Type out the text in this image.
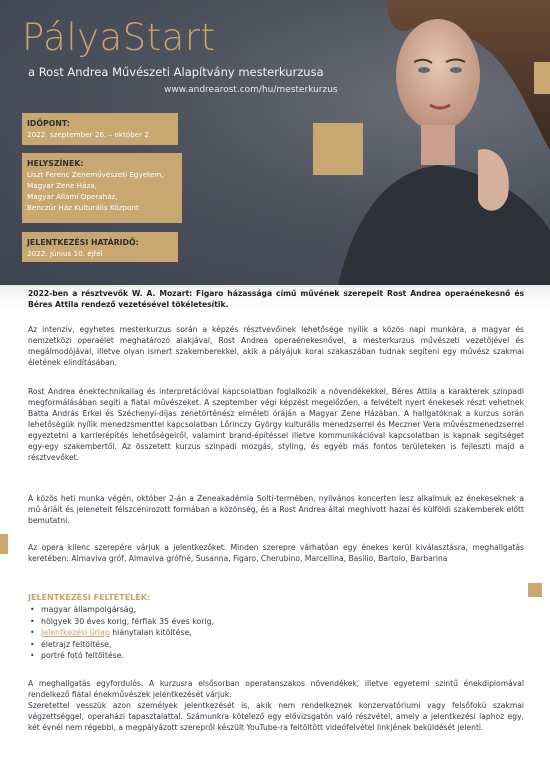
PályaStart
a Rost Andrea Művészeti Alapítvány mesterkurzusa
www.andrearost.com/hu/mesterkurzus
IDŐPONT:
2022. szeptember 26. – október 2.
HELYSZÍNEK:
Liszt Ferenc Zeneművészeti Egyetem,
Magyar Zene Háza,
Magyar Állami Operaház,
Benczúr Ház Kulturális Központ
JELENTKEZÉSI HATÁRIDŐ:
2022. június 10. éjfél
2022-ben a résztvevők W. A. Mozart: Figaro házassága című művének szerepeit Rost Andrea operaénekesnő és Béres Attila rendező vezetésével tökéletesítik.
Az intenzív, egyhetes mesterkurzus során a képzés résztvevőinek lehetősége nyílik a közös napi munkára, a magyar és nemzetközi operaélet meghatározó alakjával, Rost Andrea operaénekesnővel, a mesterkurzus művészeti vezetőjével és megálmodójával, illetve olyan ismert szakemberekkel, akik a pályájuk korai szakaszában tudnak segíteni egy művész szakmai életének elindításában.
Rost Andrea énektechnikailag és interpretációval kapcsolatban foglalkozik a növendékekkel, Béres Attila a karakterek színpadi megformálásában segíti a fiatal művészeket. A szeptember végi képzést megelőzően, a felvételt nyert énekesek részt vehetnek Batta András Erkel és Széchenyi-díjas zenetörténész elméleti óráján a Magyar Zene Házában. A hallgatóknak a kurzus során lehetőségük nyílik menedzsmenttel kapcsolatban Lőrinczy György kulturális menedzserrel és Meczner Vera művészmenedzserrel egyeztetni a karrierépítés lehetőségeiről, valamint brand-építéssel illetve kommunikációval kapcsolatban is kapnak segítséget egy-egy szakembertől. Az összetett kurzus színpadi mozgás, styling, és egyéb más fontos területeken is fejleszti majd a résztvevőket.
A közös heti munka végén, október 2-án a Zeneakadémia Solti-termében, nyilvános koncerten lesz alkalmuk az énekeseknek a mű áriáit és jeleneteit félszcenirozott formában a közönség, és a Rost Andrea által meghívott hazai és külföldi szakemberek előtt bemutatni.
Az opera kilenc szerepére várjuk a jelentkezőket. Minden szerepre várhatóan egy énekes kerül kiválasztásra, meghallgatás keretében: Almaviva gróf, Almaviva grófné, Susanna, Figaro, Cherubino, Marcellina, Basilio, Bartolo, Barbarina
JELENTKEZÉSI FELTÉTELEK:
• magyar állampolgárság,
• hölgyek 30 éves korig, férfiak 35 éves korig,
• Jelentkezési űrlap hiánytalan kitöltése,
• életrajz feltöltése,
• portré fotó feltöltése.
A meghallgatás egyfordulós. A kurzusra elsősorban operatanszakos növendékek, illetve egyetemi szintű énekdiplomával rendelkező fiatal énekművészek jelentkezését várjuk.
Szeretettel vesszük azon személyek jelentkezését is, akik nem rendelkeznek konzervatóriumi vagy felsőfokú szakmai végzettséggel, operaházi tapasztalattal. Számunkra kötelező egy elővizsgatón való részvétel, amely a jelentkezési laphoz egy, két évnél nem régebbi, a megpályázott szerepről készült YouTube-ra feltöltött videófelvétel linkjének beküldését jelenti.
